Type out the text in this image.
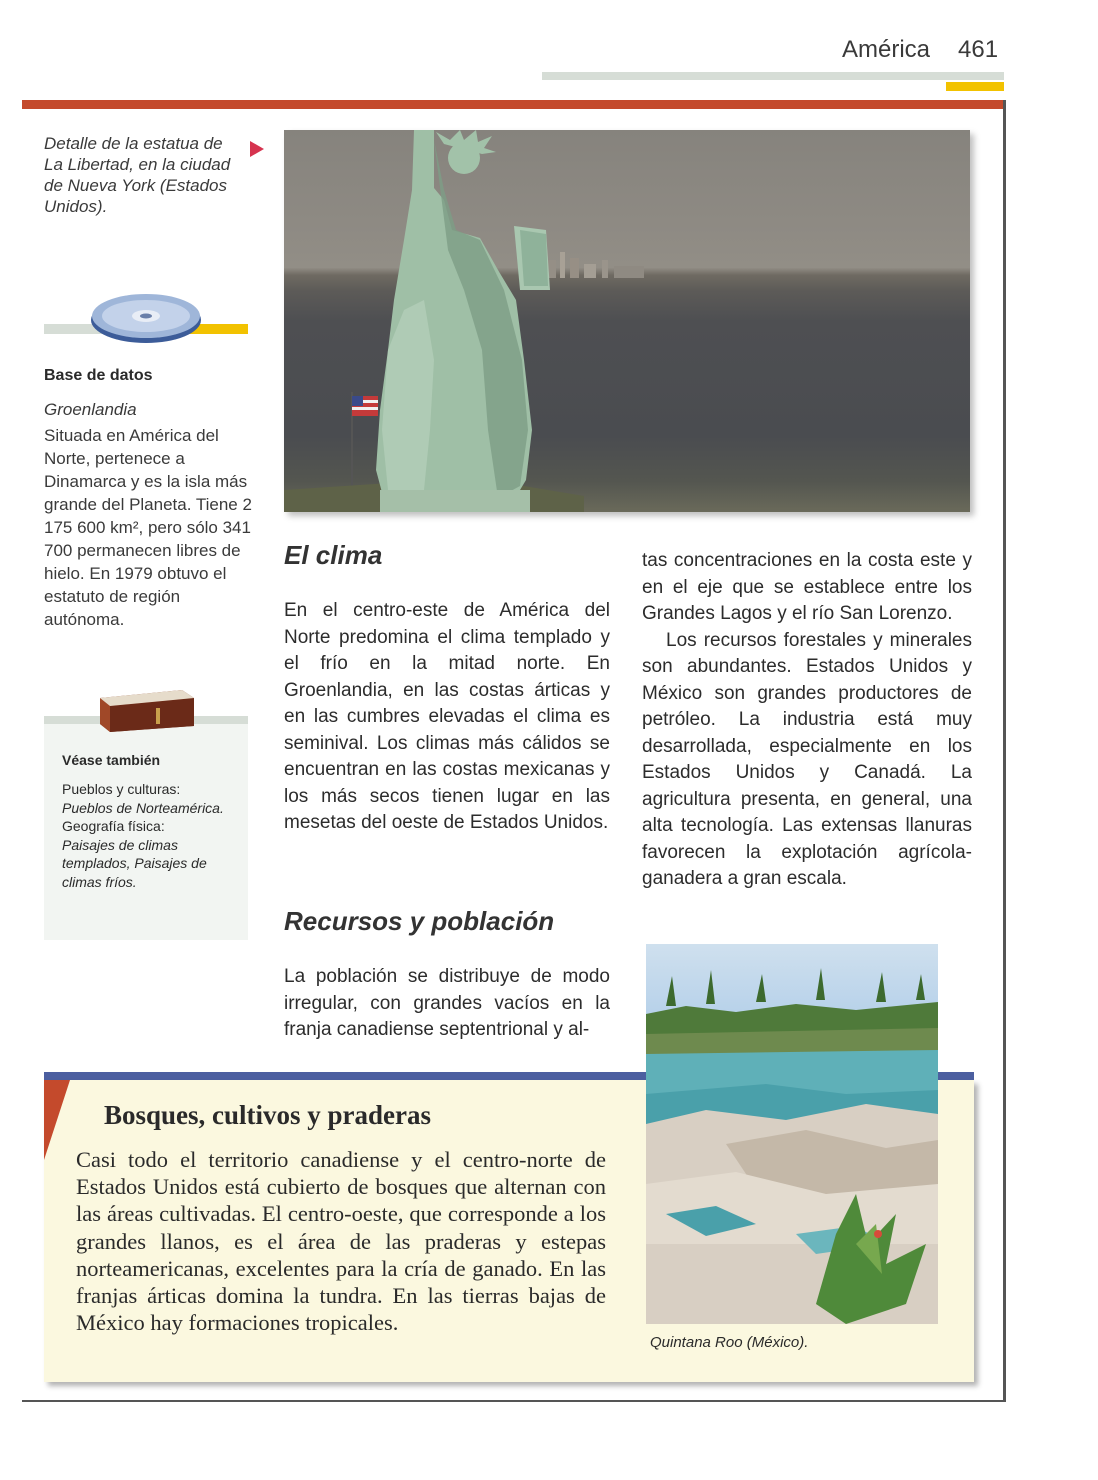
América 461
Detalle de la estatua de La Libertad, en la ciudad de Nueva York (Estados Unidos).
Base de datos
Groenlandia
Situada en América del Norte, pertenece a Dinamarca y es la isla más grande del Planeta. Tiene 2 175 600 km², pero sólo 341 700 permanecen libres de hielo. En 1979 obtuvo el estatuto de región autónoma.
Véase también
Pueblos y culturas:
Pueblos de Norteamérica.
Geografía física:
Paisajes de climas templados, Paisajes de climas fríos.
El clima
En el centro-este de América del Norte predomina el clima templado y el frío en la mitad norte. En Groenlandia, en las costas árticas y en las cumbres elevadas el clima es seminival. Los climas más cálidos se encuentran en las costas mexicanas y los más secos tienen lugar en las mesetas del oeste de Estados Unidos.
Recursos y población
La población se distribuye de modo irregular, con grandes vacíos en la franja canadiense septentrional y al-

tas concentraciones en la costa este y en el eje que se establece entre los Grandes Lagos y el río San Lorenzo.

Los recursos forestales y minerales son abundantes. Estados Unidos y México son grandes productores de petróleo. La industria está muy desarrollada, especialmente en los Estados Unidos y Canadá. La agricultura presenta, en general, una alta tecnología. Las extensas llanuras favorecen la explotación agrícola-ganadera a gran escala.

Quintana Roo (México).
Bosques, cultivos y praderas
Casi todo el territorio canadiense y el centro-norte de Estados Unidos está cubierto de bosques que alternan con las áreas cultivadas. El centro-oeste, que corresponde a los grandes llanos, es el área de las praderas y estepas norteamericanas, excelentes para la cría de ganado. En las franjas árticas domina la tundra. En las tierras bajas de México hay formaciones tropicales.
